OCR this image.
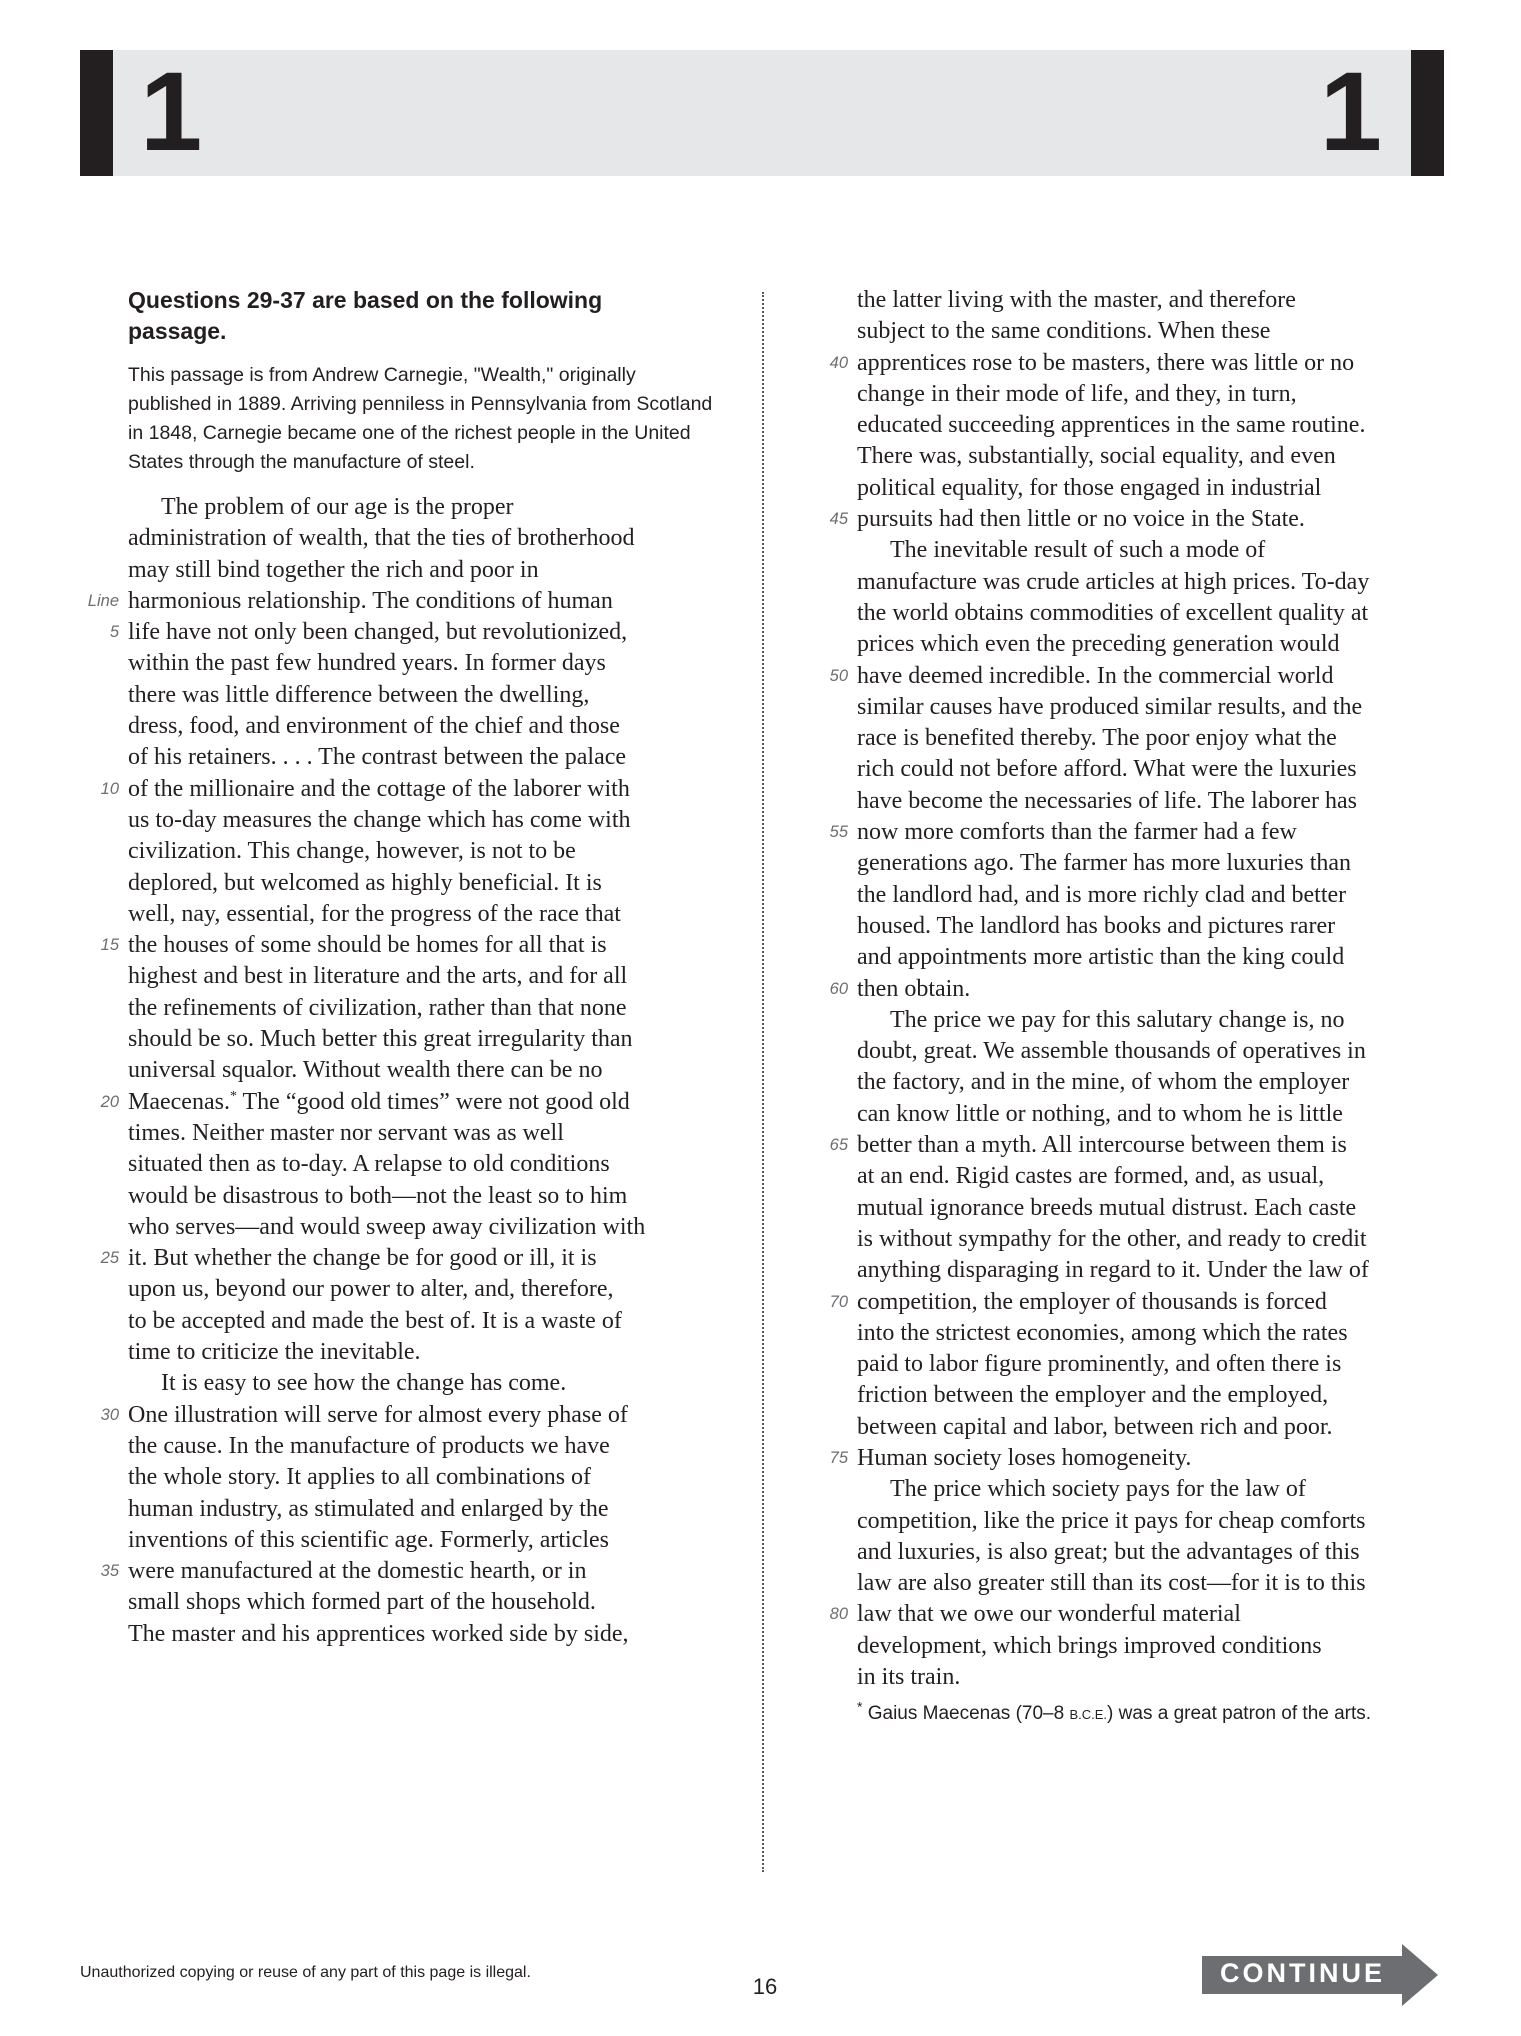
1	1
Questions 29-37 are based on the following passage.
This passage is from Andrew Carnegie, "Wealth," originally published in 1889. Arriving penniless in Pennsylvania from Scotland in 1848, Carnegie became one of the richest people in the United States through the manufacture of steel.
The problem of our age is the proper
administration of wealth, that the ties of brotherhood
may still bind together the rich and poor in
Line harmonious relationship. The conditions of human
5 life have not only been changed, but revolutionized,
within the past few hundred years. In former days
there was little difference between the dwelling,
dress, food, and environment of the chief and those
of his retainers. . . . The contrast between the palace
10 of the millionaire and the cottage of the laborer with
us to-day measures the change which has come with
civilization. This change, however, is not to be
deplored, but welcomed as highly beneficial. It is
well, nay, essential, for the progress of the race that
15 the houses of some should be homes for all that is
highest and best in literature and the arts, and for all
the refinements of civilization, rather than that none
should be so. Much better this great irregularity than
universal squalor. Without wealth there can be no
20 Maecenas.* The “good old times” were not good old
times. Neither master nor servant was as well
situated then as to-day. A relapse to old conditions
would be disastrous to both—not the least so to him
who serves—and would sweep away civilization with
25 it. But whether the change be for good or ill, it is
upon us, beyond our power to alter, and, therefore,
to be accepted and made the best of. It is a waste of
time to criticize the inevitable.
It is easy to see how the change has come.
30 One illustration will serve for almost every phase of
the cause. In the manufacture of products we have
the whole story. It applies to all combinations of
human industry, as stimulated and enlarged by the
inventions of this scientific age. Formerly, articles
35 were manufactured at the domestic hearth, or in
small shops which formed part of the household.
The master and his apprentices worked side by side,
the latter living with the master, and therefore
subject to the same conditions. When these
40 apprentices rose to be masters, there was little or no
change in their mode of life, and they, in turn,
educated succeeding apprentices in the same routine.
There was, substantially, social equality, and even
political equality, for those engaged in industrial
45 pursuits had then little or no voice in the State.
The inevitable result of such a mode of
manufacture was crude articles at high prices. To-day
the world obtains commodities of excellent quality at
prices which even the preceding generation would
50 have deemed incredible. In the commercial world
similar causes have produced similar results, and the
race is benefited thereby. The poor enjoy what the
rich could not before afford. What were the luxuries
have become the necessaries of life. The laborer has
55 now more comforts than the farmer had a few
generations ago. The farmer has more luxuries than
the landlord had, and is more richly clad and better
housed. The landlord has books and pictures rarer
and appointments more artistic than the king could
60 then obtain.
The price we pay for this salutary change is, no
doubt, great. We assemble thousands of operatives in
the factory, and in the mine, of whom the employer
can know little or nothing, and to whom he is little
65 better than a myth. All intercourse between them is
at an end. Rigid castes are formed, and, as usual,
mutual ignorance breeds mutual distrust. Each caste
is without sympathy for the other, and ready to credit
anything disparaging in regard to it. Under the law of
70 competition, the employer of thousands is forced
into the strictest economies, among which the rates
paid to labor figure prominently, and often there is
friction between the employer and the employed,
between capital and labor, between rich and poor.
75 Human society loses homogeneity.
The price which society pays for the law of
competition, like the price it pays for cheap comforts
and luxuries, is also great; but the advantages of this
law are also greater still than its cost—for it is to this
80 law that we owe our wonderful material
development, which brings improved conditions
in its train.
* Gaius Maecenas (70–8 B.C.E.) was a great patron of the arts.
Unauthorized copying or reuse of any part of this page is illegal.
16	CONTINUE
